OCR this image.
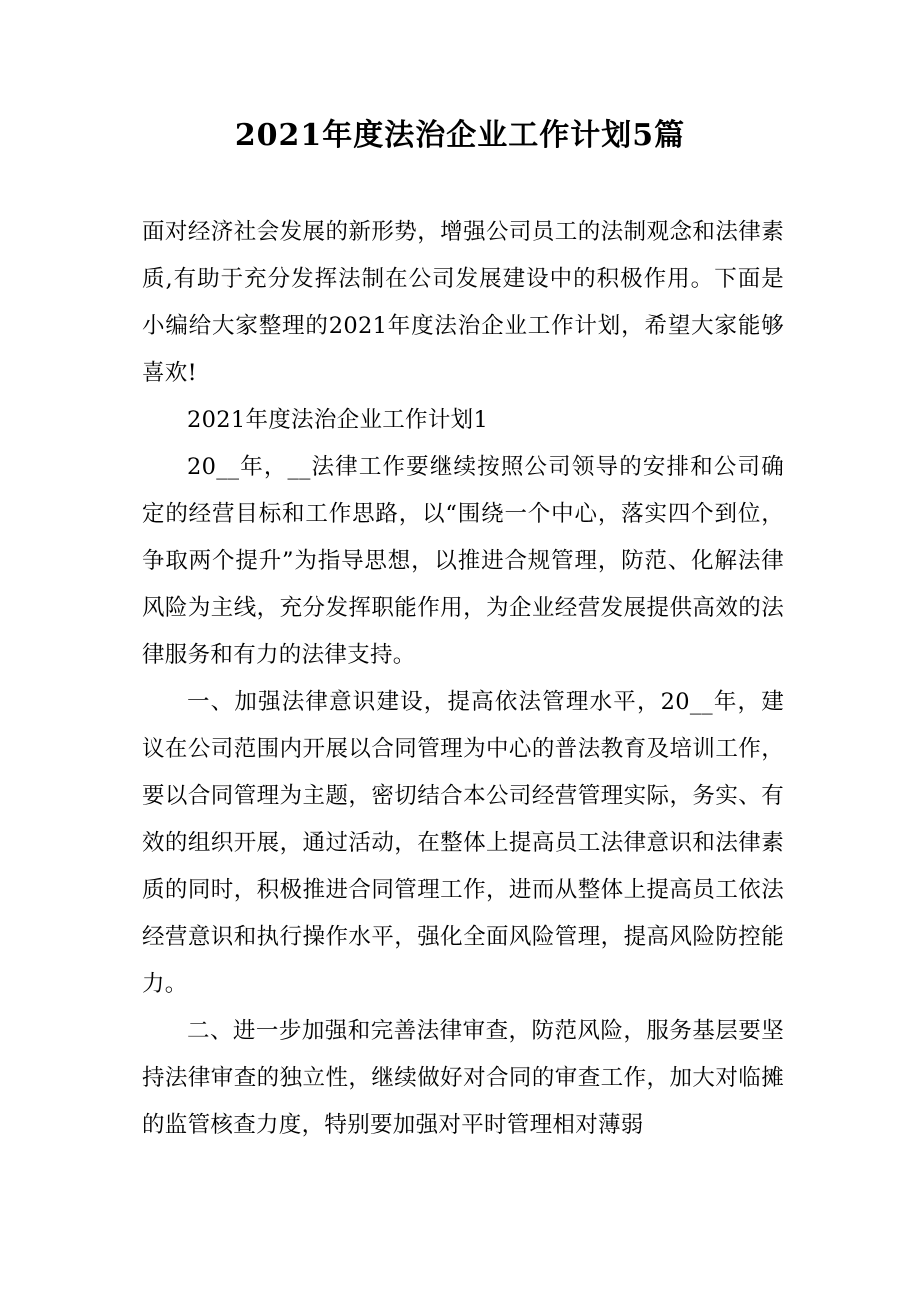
2021年度法治企业工作计划5篇

面对经济社会发展的新形势，增强公司员工的法制观念和法律素质,有助于充分发挥法制在公司发展建设中的积极作用。下面是小编给大家整理的2021年度法治企业工作计划，希望大家能够喜欢!

2021年度法治企业工作计划1

20__年，__法律工作要继续按照公司领导的安排和公司确定的经营目标和工作思路，以“围绕一个中心，落实四个到位，争取两个提升”为指导思想，以推进合规管理，防范、化解法律风险为主线，充分发挥职能作用，为企业经营发展提供高效的法律服务和有力的法律支持。

一、加强法律意识建设，提高依法管理水平，20__年，建议在公司范围内开展以合同管理为中心的普法教育及培训工作，要以合同管理为主题，密切结合本公司经营管理实际，务实、有效的组织开展，通过活动，在整体上提高员工法律意识和法律素质的同时，积极推进合同管理工作，进而从整体上提高员工依法经营意识和执行操作水平，强化全面风险管理，提高风险防控能力。

二、进一步加强和完善法律审查，防范风险，服务基层要坚持法律审查的独立性，继续做好对合同的审查工作，加大对临摊的监管核查力度，特别要加强对平时管理相对薄弱
